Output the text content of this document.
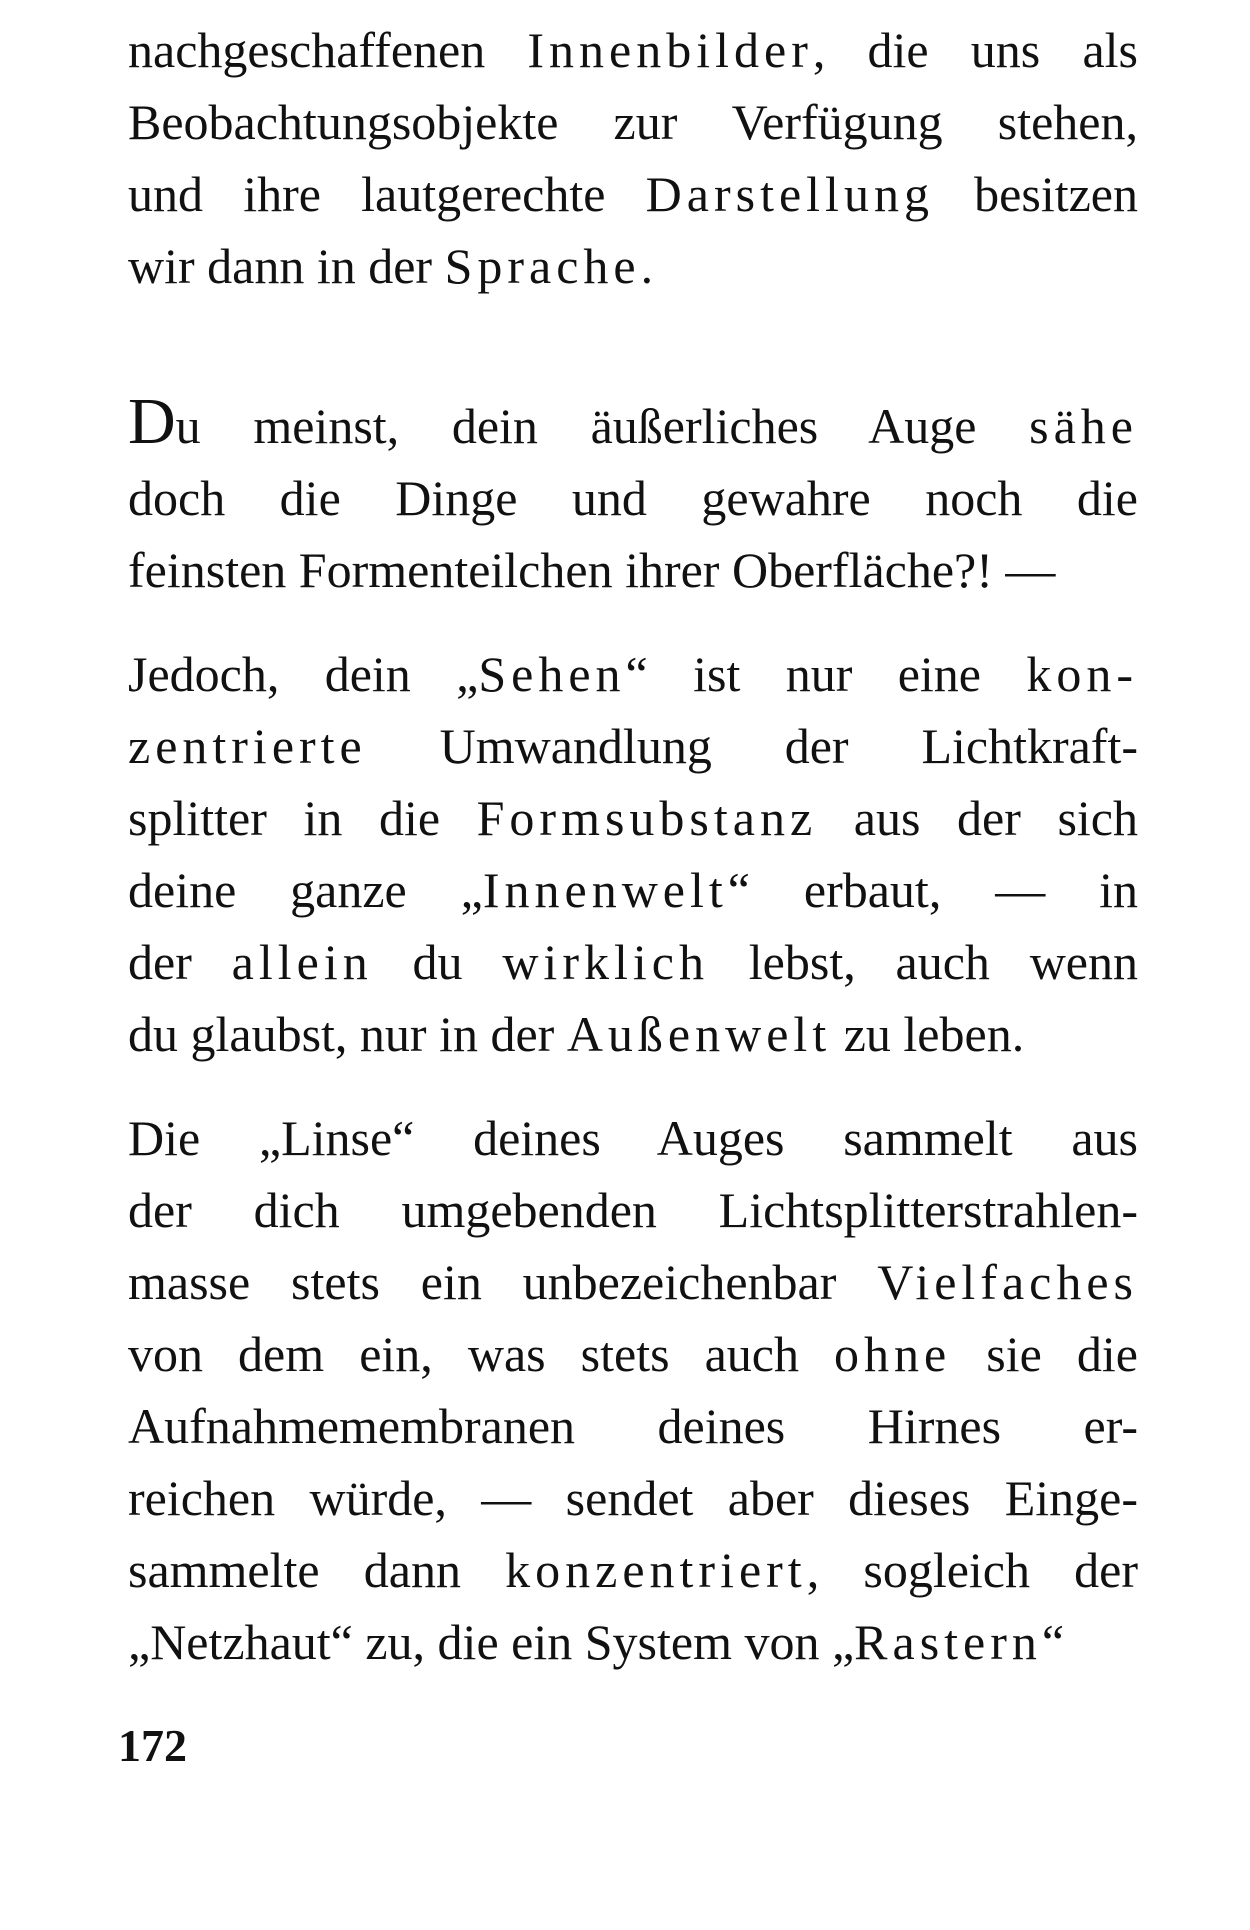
nachgeschaffenen Innenbilder, die uns als
Beobachtungsobjekte zur Verfügung stehen,
und ihre lautgerechte Darstellung besitzen
wir dann in der Sprache.
Du meinst, dein äußerliches Auge sähe
doch die Dinge und gewahre noch die
feinsten Formenteilchen ihrer Oberfläche?! —
Jedoch, dein „Sehen“ ist nur eine kon-
zentrierte Umwandlung der Lichtkraft-
splitter in die Formsubstanz aus der sich
deine ganze „Innenwelt“ erbaut, — in
der allein du wirklich lebst, auch wenn
du glaubst, nur in der Außenwelt zu leben.
Die „Linse“ deines Auges sammelt aus
der dich umgebenden Lichtsplitterstrahlen-
masse stets ein unbezeichenbar Vielfaches
von dem ein, was stets auch ohne sie die
Aufnahmemembranen deines Hirnes er-
reichen würde, — sendet aber dieses Einge-
sammelte dann konzentriert, sogleich der
„Netzhaut“ zu, die ein System von „Rastern“
172
